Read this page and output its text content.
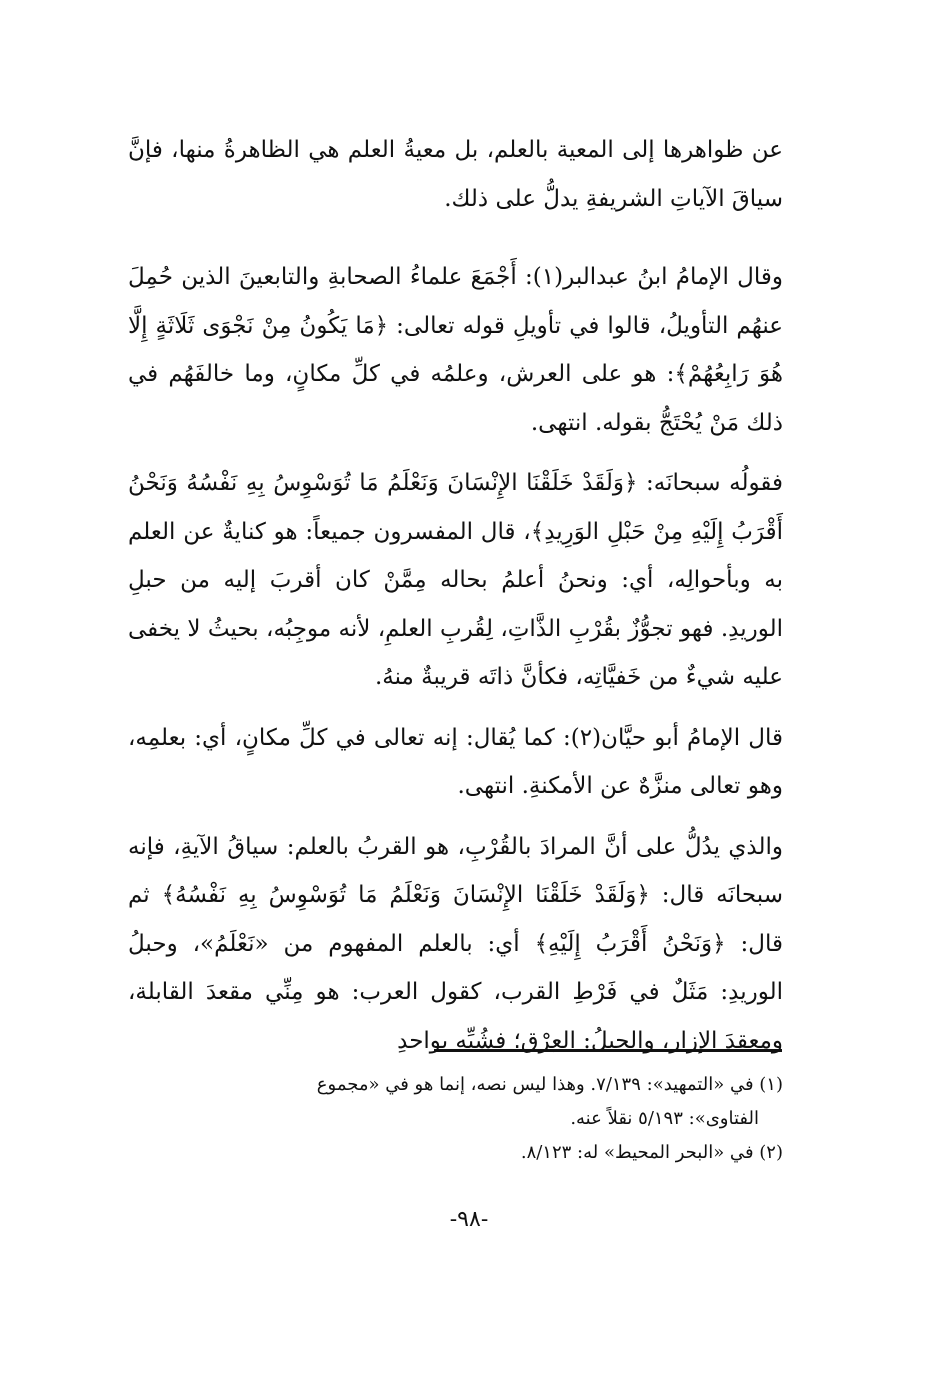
عن ظواهرها إلى المعية بالعلم، بل معيةُ العلم هي الظاهرةُ منها، فإنَّ سياقَ الآياتِ الشريفةِ يدلُّ على ذلك.

وقال الإمامُ ابنُ عبدالبر(١): أَجْمَعَ علماءُ الصحابةِ والتابعينَ الذين حُمِلَ عنهُم التأويلُ، قالوا في تأويلِ قوله تعالى: ﴿مَا يَكُونُ مِنْ نَجْوَى ثَلَاثَةٍ إِلَّا هُوَ رَابِعُهُمْ﴾: هو على العرش، وعلمُه في كلِّ مكانٍ، وما خالفَهُم في ذلك مَنْ يُحْتَجُّ بقوله. انتهى.

فقولُه سبحانَه: ﴿وَلَقَدْ خَلَقْنَا الإِنْسَانَ وَنَعْلَمُ مَا تُوَسْوِسُ بِهِ نَفْسُهُ وَنَحْنُ أَقْرَبُ إِلَيْهِ مِنْ حَبْلِ الوَرِيدِ﴾، قال المفسرون جميعاً: هو كنايةٌ عن العلم به وبأحوالِه، أي: ونحنُ أعلمُ بحاله مِمَّنْ كان أقربَ إليه من حبلِ الوريدِ. فهو تجوُّزٌ بقُرْبِ الذَّاتِ، لِقُربِ العلمِ، لأنه موجِبُه، بحيثُ لا يخفى عليه شيءٌ من خَفيَّاتِه، فكأنَّ ذاتَه قريبةٌ منهُ.

قال الإمامُ أبو حيَّان(٢): كما يُقال: إنه تعالى في كلِّ مكانٍ، أي: بعلمِه، وهو تعالى منزَّهٌ عن الأمكنةِ. انتهى.

والذي يدُلُّ على أنَّ المرادَ بالقُرْبِ، هو القربُ بالعلم: سياقُ الآيةِ، فإنه سبحانَه قال: ﴿وَلَقَدْ خَلَقْنَا الإِنْسَانَ وَنَعْلَمُ مَا تُوَسْوِسُ بِهِ نَفْسُهُ﴾ ثم قال: ﴿وَنَحْنُ أَقْرَبُ إِلَيْهِ﴾ أي: بالعلم المفهوم من «نَعْلَمُ»، وحبلُ الوريدِ: مَثَلٌ في فَرْطِ القرب، كقول العرب: هو مِنِّي مقعدَ القابلة، ومعقدَ الإزار، والحبلُ: العِرْق؛ فشُبِّه بواحدِ

(١) في «التمهيد»: ٧/١٣٩. وهذا ليس نصه، إنما هو في «مجموع

الفتاوى»: ٥/١٩٣ نقلاً عنه.

(٢) في «البحر المحيط» له: ٨/١٢٣.

-٩٨-
